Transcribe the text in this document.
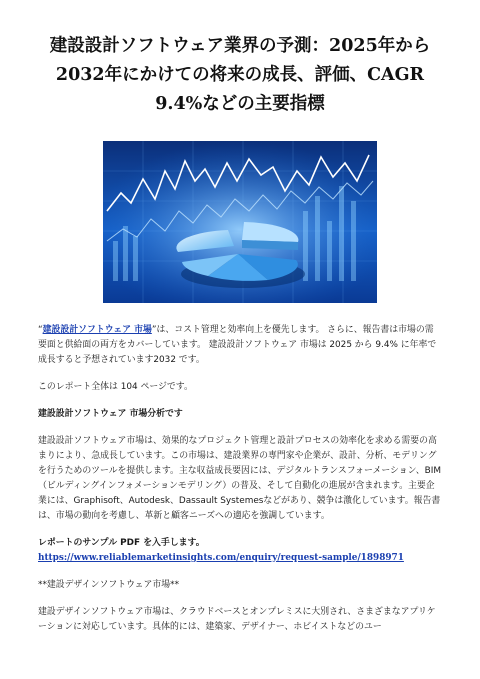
建設設計ソフトウェア業界の予測：2025年から2032年にかけての将来の成長、評価、CAGR 9.4%などの主要指標

“建設設計ソフトウェア 市場”は、コスト管理と効率向上を優先します。 さらに、報告書は市場の需要面と供給面の両方をカバーしています。 建設設計ソフトウェア 市場は 2025 から 9.4% に年率で成長すると予想されています2032 です。

このレポート全体は 104 ページです。

建設設計ソフトウェア 市場分析です

建設設計ソフトウェア市場は、効果的なプロジェクト管理と設計プロセスの効率化を求める需要の高まりにより、急成長しています。この市場は、建設業界の専門家や企業が、設計、分析、モデリングを行うためのツールを提供します。主な収益成長要因には、デジタルトランスフォーメーション、BIM（ビルディングインフォメーションモデリング）の普及、そして自動化の進展が含まれます。主要企業には、Graphisoft、Autodesk、Dassault Systemesなどがあり、競争は激化しています。報告書は、市場の動向を考慮し、革新と顧客ニーズへの適応を強調しています。

レポートのサンプル PDF を入手します。 https://www.reliablemarketinsights.com/enquiry/request-sample/1898971

**建設デザインソフトウェア市場**

建設デザインソフトウェア市場は、クラウドベースとオンプレミスに大別され、さまざまなアプリケーションに対応しています。具体的には、建築家、デザイナー、ホビイストなどのユー
